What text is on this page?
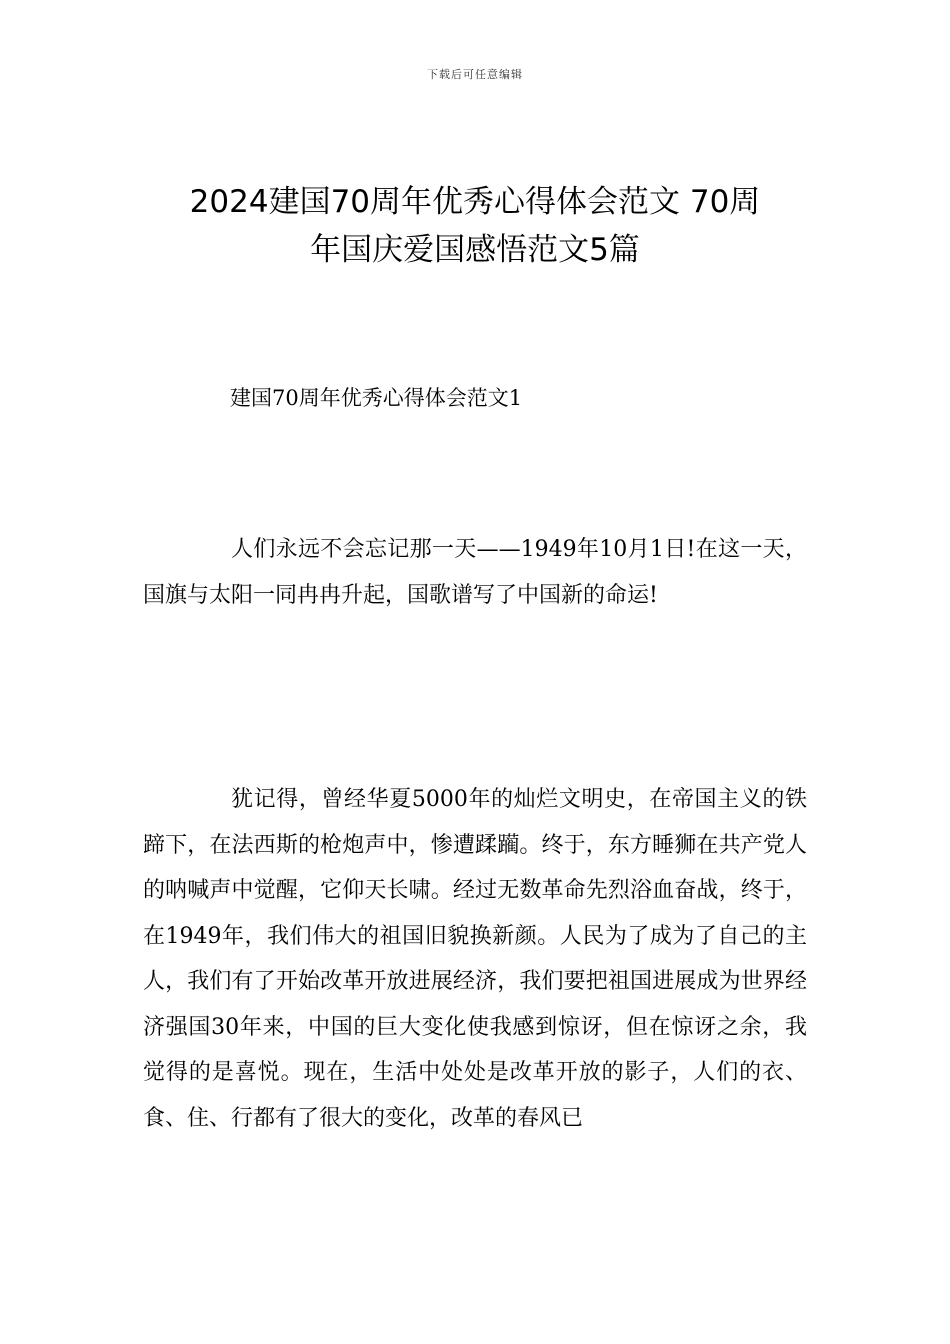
下载后可任意编辑
2024建国70周年优秀心得体会范文 70周
年国庆爱国感悟范文5篇
建国70周年优秀心得体会范文1

人们永远不会忘记那一天——1949年10月1日!在这一天，国旗与太阳一同冉冉升起，国歌谱写了中国新的命运!

犹记得，曾经华夏5000年的灿烂文明史，在帝国主义的铁蹄下，在法西斯的枪炮声中，惨遭蹂躏。终于，东方睡狮在共产党人的呐喊声中觉醒，它仰天长啸。经过无数革命先烈浴血奋战，终于，在1949年，我们伟大的祖国旧貌换新颜。人民为了成为了自己的主人，我们有了开始改革开放进展经济，我们要把祖国进展成为世界经济强国30年来，中国的巨大变化使我感到惊讶，但在惊讶之余，我觉得的是喜悦。现在，生活中处处是改革开放的影子，人们的衣、食、住、行都有了很大的变化，改革的春风已
